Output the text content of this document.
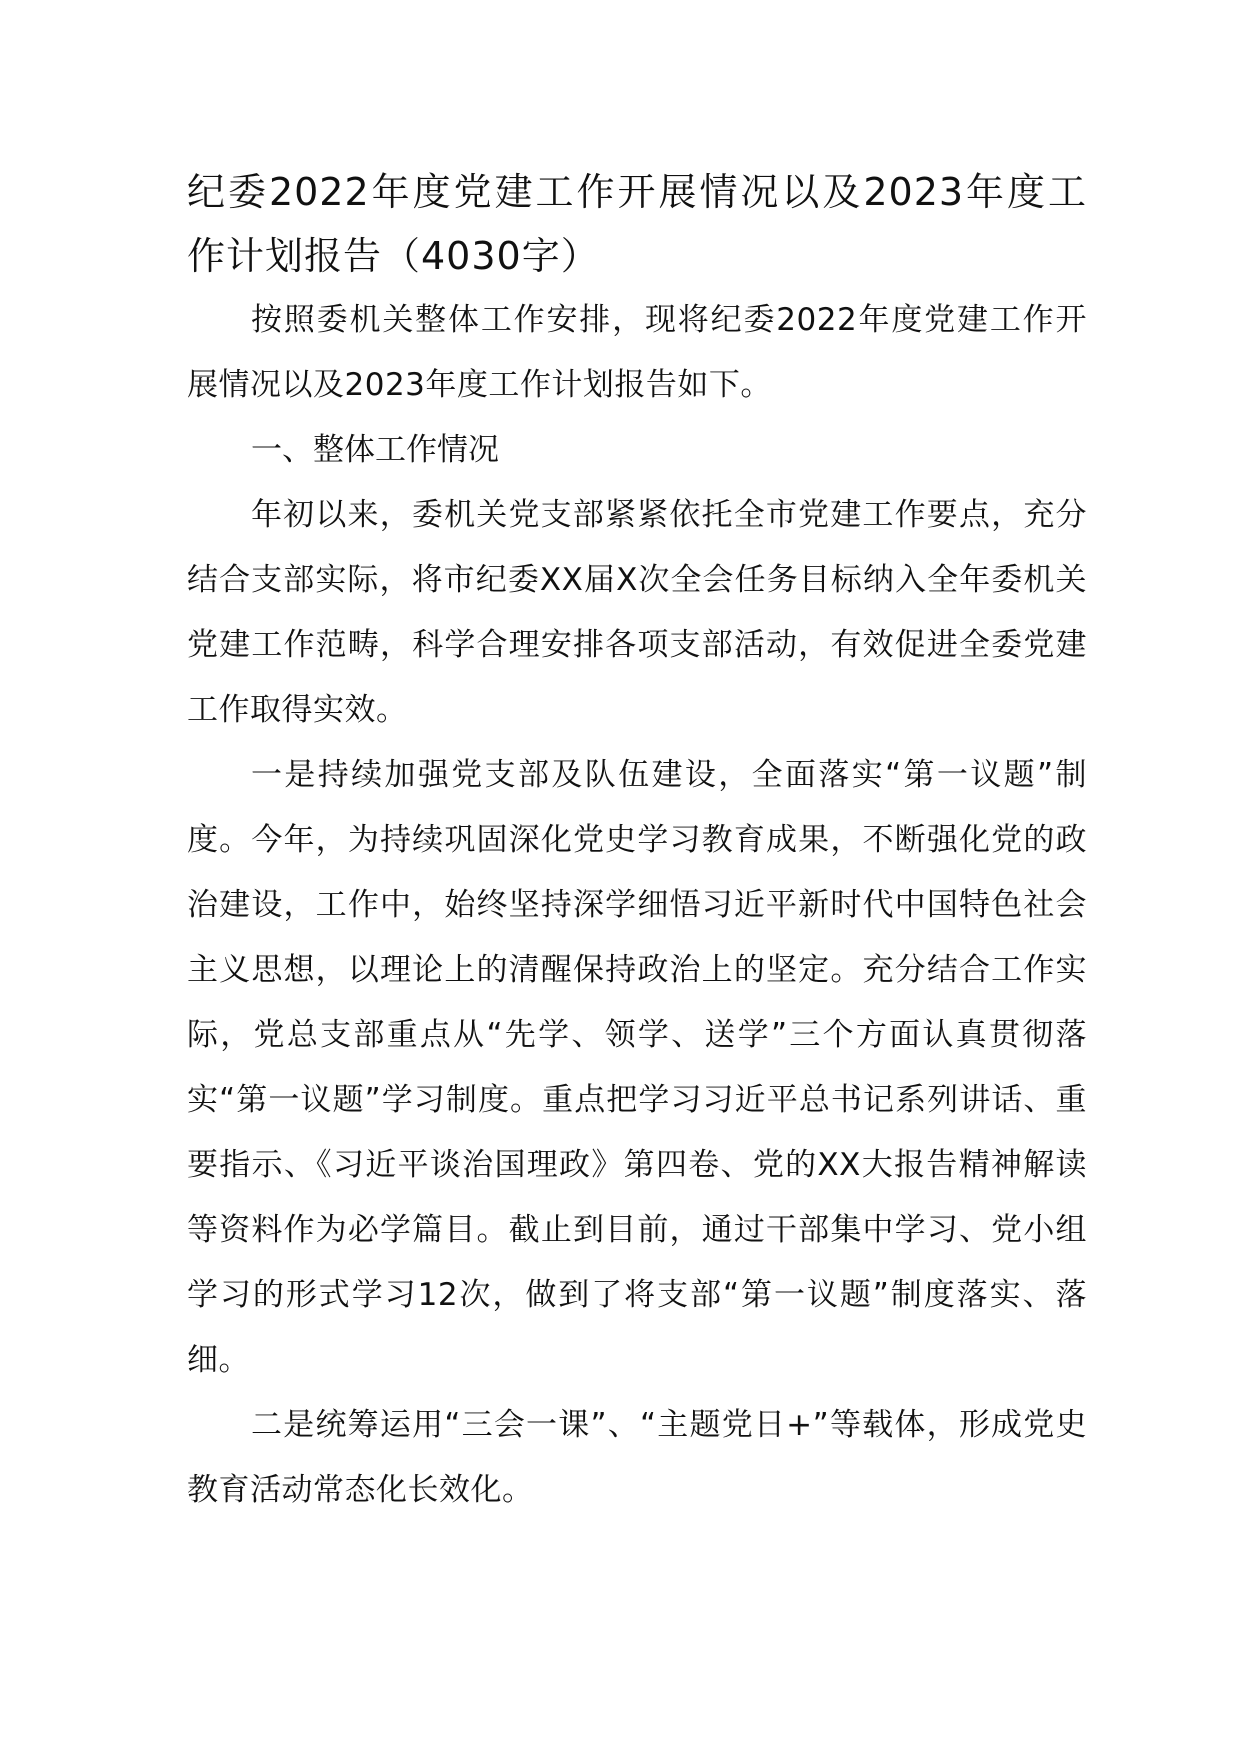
纪委2022年度党建工作开展情况以及2023年度工作计划报告（4030字）

按照委机关整体工作安排，现将纪委2022年度党建工作开展情况以及2023年度工作计划报告如下。

一、整体工作情况

年初以来，委机关党支部紧紧依托全市党建工作要点，充分结合支部实际，将市纪委XX届X次全会任务目标纳入全年委机关党建工作范畴，科学合理安排各项支部活动，有效促进全委党建工作取得实效。

一是持续加强党支部及队伍建设，全面落实“第一议题”制度。今年，为持续巩固深化党史学习教育成果，不断强化党的政治建设，工作中，始终坚持深学细悟习近平新时代中国特色社会主义思想，以理论上的清醒保持政治上的坚定。充分结合工作实际，党总支部重点从“先学、领学、送学”三个方面认真贯彻落实“第一议题”学习制度。重点把学习习近平总书记系列讲话、重要指示、《习近平谈治国理政》第四卷、党的XX大报告精神解读等资料作为必学篇目。截止到目前，通过干部集中学习、党小组学习的形式学习12次，做到了将支部“第一议题”制度落实、落细。

二是统筹运用“三会一课”、“主题党日+”等载体，形成党史教育活动常态化长效化。
